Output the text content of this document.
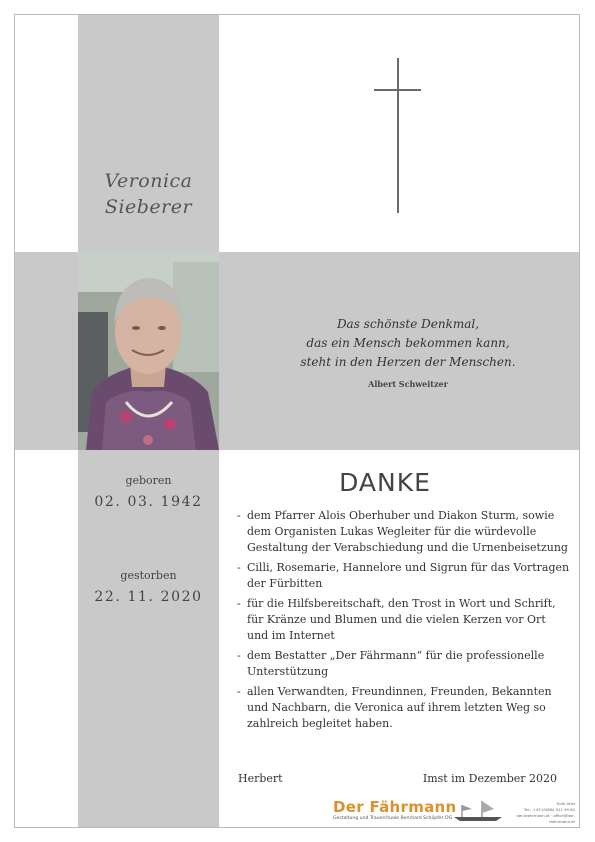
Veronica
Sieberer
Das schönste Denkmal,
das ein Mensch bekommen kann,
steht in den Herzen der Menschen.
Albert Schweitzer
geboren
02. 03. 1942
gestorben
22. 11. 2020
DANKE
- dem Pfarrer Alois Oberhuber und Diakon Sturm, sowie
dem Organisten Lukas Wegleiter für die würdevolle
Gestaltung der Verabschiedung und die Urnenbeisetzung
- Cilli, Rosemarie, Hannelore und Sigrun für das Vortragen
der Fürbitten
- für die Hilfsbereitschaft, den Trost in Wort und Schrift,
für Kränze und Blumen und die vielen Kerzen vor Ort
und im Internet
- dem Bestatter „Der Fährmann“ für die professionelle
Unterstützung
- allen Verwandten, Freundinnen, Freunden, Bekannten
und Nachbarn, die Veronica auf ihrem letzten Weg so
zahlreich begleitet haben.
Herbert	Imst im Dezember 2020
Der Fährmann
Gestaltung und Trauerrituale Bernhard Schöpfer OG
Sutti Imst
Tel.: +43 (0)664 911 99 60
der-faehrmann.at · office@der-faehrmann.at
